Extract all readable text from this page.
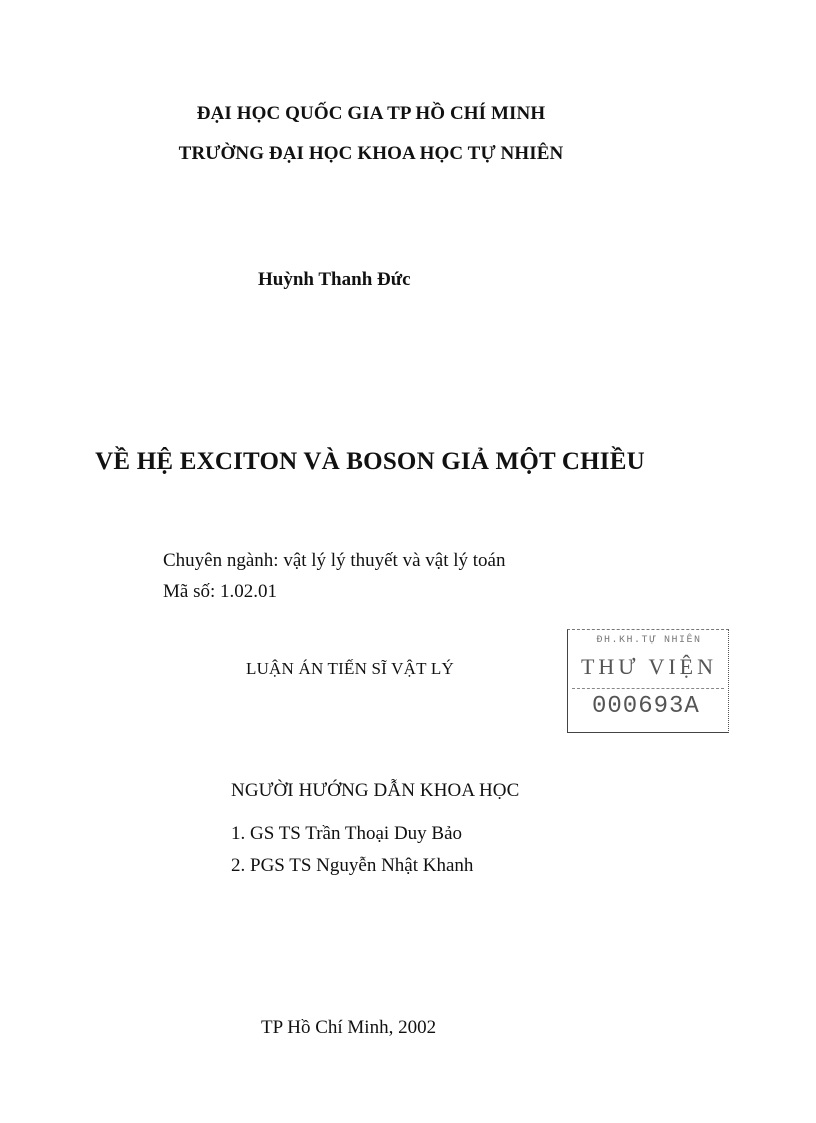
ĐẠI HỌC QUỐC GIA TP HỒ CHÍ MINH
TRƯỜNG ĐẠI HỌC KHOA HỌC TỰ NHIÊN
Huỳnh Thanh Đức
VỀ HỆ EXCITON VÀ BOSON GIẢ MỘT CHIỀU
Chuyên ngành: vật lý lý thuyết và vật lý toán
Mã số: 1.02.01
LUẬN ÁN TIẾN SĨ VẬT LÝ
ĐH.KH.TỰ NHIÊN
THƯ VIỆN
000693A
NGƯỜI HƯỚNG DẪN KHOA HỌC
1. GS TS Trần Thoại Duy Bảo
2. PGS TS Nguyễn Nhật Khanh
TP Hồ Chí Minh, 2002
